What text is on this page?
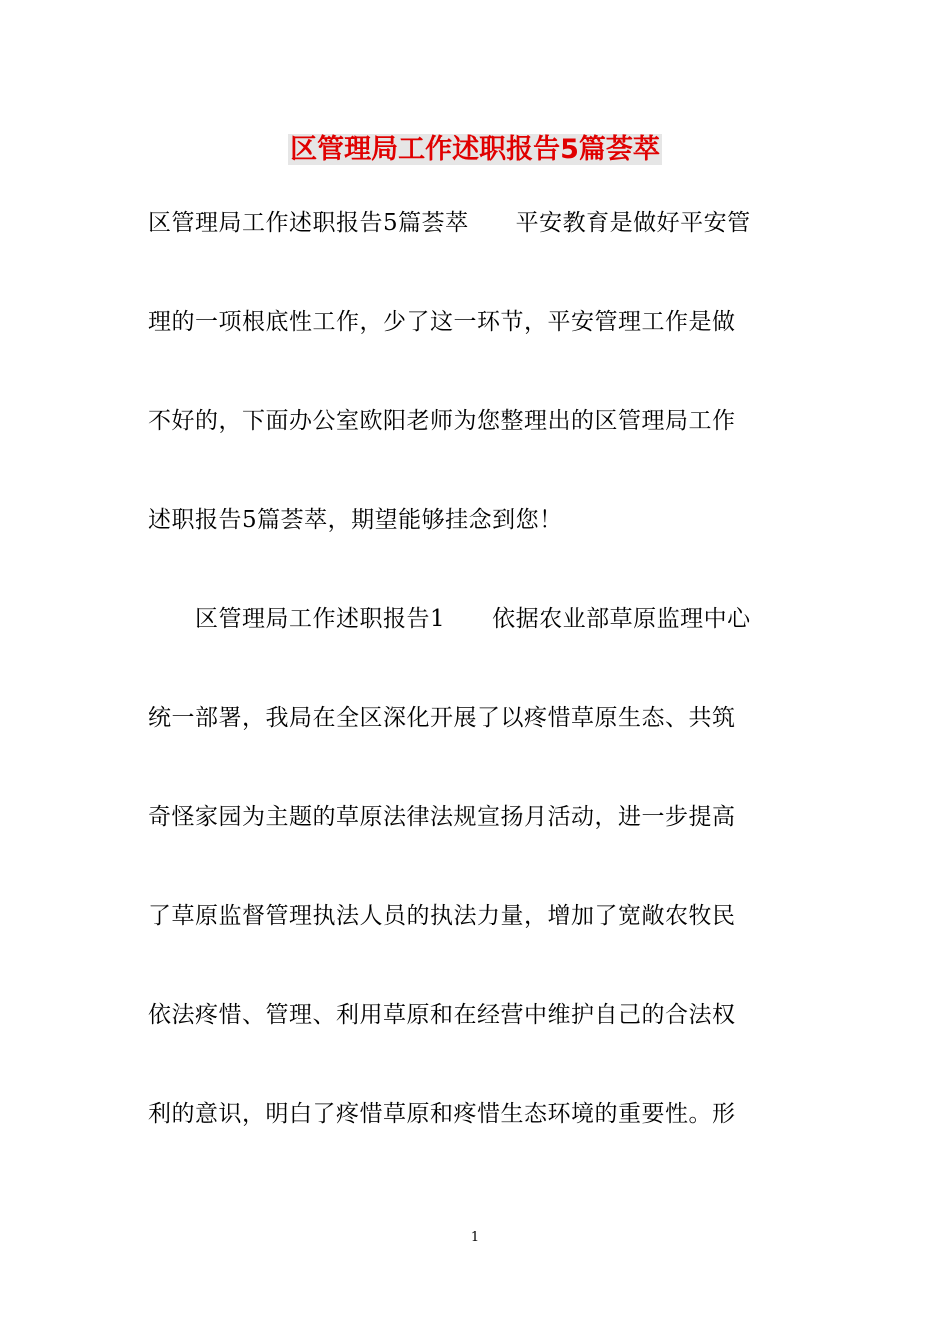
区管理局工作述职报告5篇荟萃
区管理局工作述职报告5篇荟萃　　平安教育是做好平安管
理的一项根底性工作，少了这一环节，平安管理工作是做
不好的，下面办公室欧阳老师为您整理出的区管理局工作
述职报告5篇荟萃，期望能够挂念到您！
　　区管理局工作述职报告1　　依据农业部草原监理中心
统一部署，我局在全区深化开展了以疼惜草原生态、共筑
奇怪家园为主题的草原法律法规宣扬月活动，进一步提高
了草原监督管理执法人员的执法力量，增加了宽敞农牧民
依法疼惜、管理、利用草原和在经营中维护自己的合法权
利的意识，明白了疼惜草原和疼惜生态环境的重要性。形
1
